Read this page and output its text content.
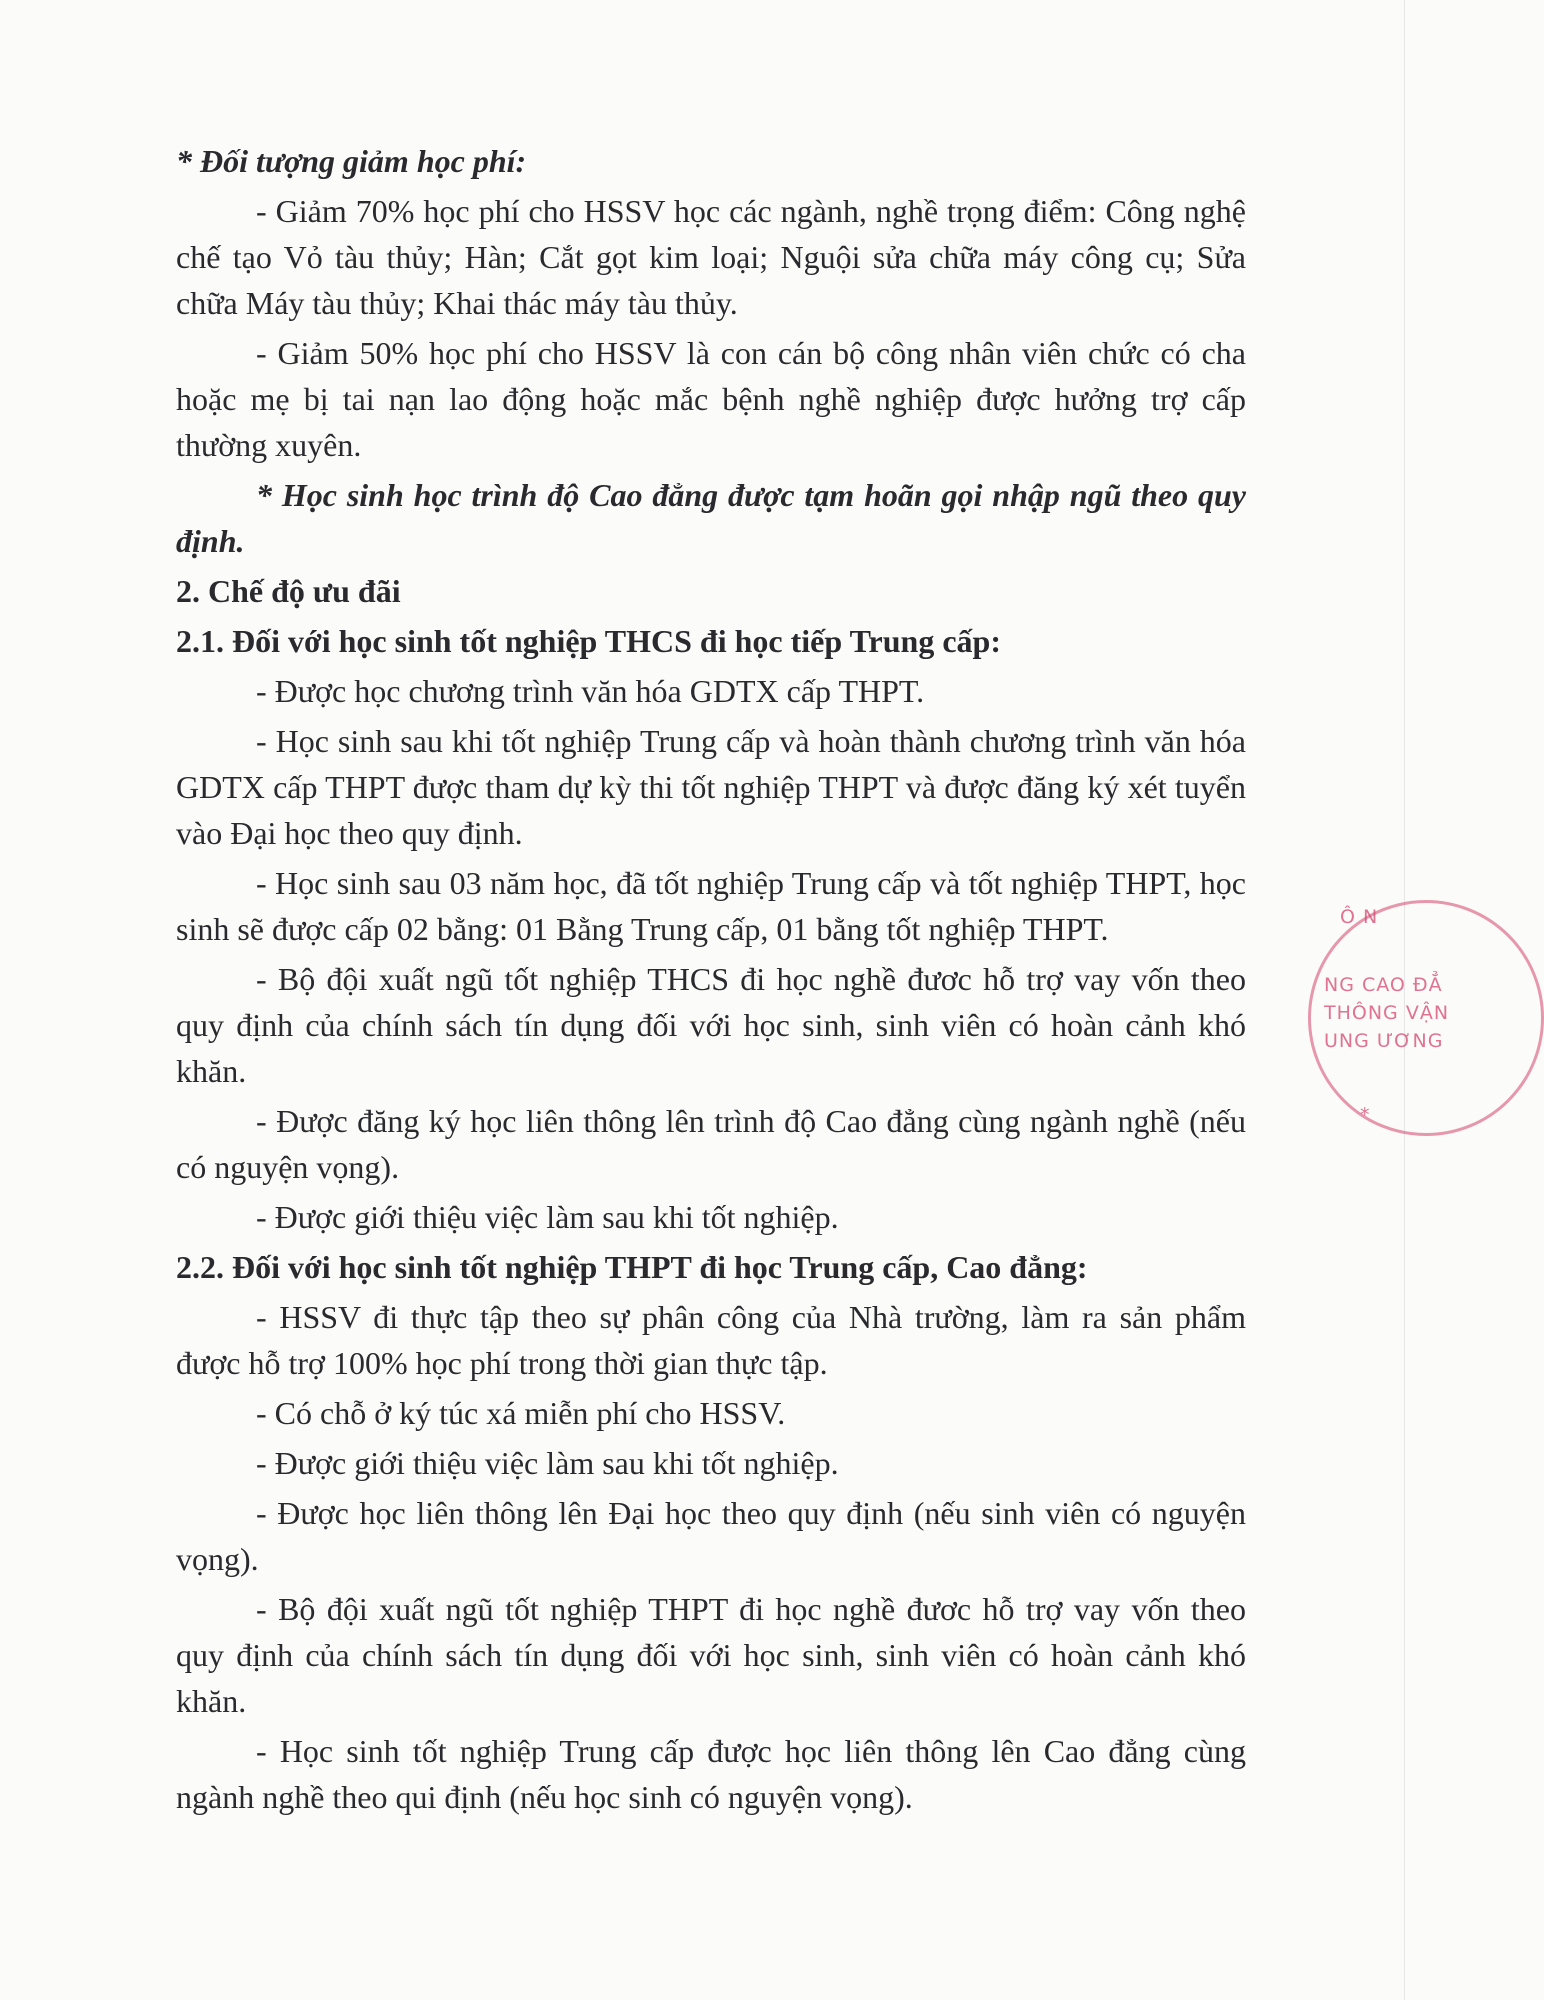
* Đối tượng giảm học phí:

- Giảm 70% học phí cho HSSV học các ngành, nghề trọng điểm: Công nghệ chế tạo Vỏ tàu thủy; Hàn; Cắt gọt kim loại; Nguội sửa chữa máy công cụ; Sửa chữa Máy tàu thủy; Khai thác máy tàu thủy.

- Giảm 50% học phí cho HSSV là con cán bộ công nhân viên chức có cha hoặc mẹ bị tai nạn lao động hoặc mắc bệnh nghề nghiệp được hưởng trợ cấp thường xuyên.

* Học sinh học trình độ Cao đẳng được tạm hoãn gọi nhập ngũ theo quy định.

2. Chế độ ưu đãi

2.1. Đối với học sinh tốt nghiệp THCS đi học tiếp Trung cấp:

- Được học chương trình văn hóa GDTX cấp THPT.

- Học sinh sau khi tốt nghiệp Trung cấp và hoàn thành chương trình văn hóa GDTX cấp THPT được tham dự kỳ thi tốt nghiệp THPT và được đăng ký xét tuyển vào Đại học theo quy định.

- Học sinh sau 03 năm học, đã tốt nghiệp Trung cấp và tốt nghiệp THPT, học sinh sẽ được cấp 02 bằng: 01 Bằng Trung cấp, 01 bằng tốt nghiệp THPT.

- Bộ đội xuất ngũ tốt nghiệp THCS đi học nghề đươc hỗ trợ vay vốn theo quy định của chính sách tín dụng đối với học sinh, sinh viên có hoàn cảnh khó khăn.

- Được đăng ký học liên thông lên trình độ Cao đẳng cùng ngành nghề (nếu có nguyện vọng).

- Được giới thiệu việc làm sau khi tốt nghiệp.

2.2. Đối với học sinh tốt nghiệp THPT đi học Trung cấp, Cao đẳng:

- HSSV đi thực tập theo sự phân công của Nhà trường, làm ra sản phẩm được hỗ trợ 100% học phí trong thời gian thực tập.

- Có chỗ ở ký túc xá miễn phí cho HSSV.

- Được giới thiệu việc làm sau khi tốt nghiệp.

- Được học liên thông lên Đại học theo quy định (nếu sinh viên có nguyện vọng).

- Bộ đội xuất ngũ tốt nghiệp THPT đi học nghề đươc hỗ trợ vay vốn theo quy định của chính sách tín dụng đối với học sinh, sinh viên có hoàn cảnh khó khăn.

- Học sinh tốt nghiệp Trung cấp được học liên thông lên Cao đẳng cùng ngành nghề theo qui định (nếu học sinh có nguyện vọng).

Ô N
NG CAO ĐẲ
THÔNG VẬN
UNG ƯƠNG
*
